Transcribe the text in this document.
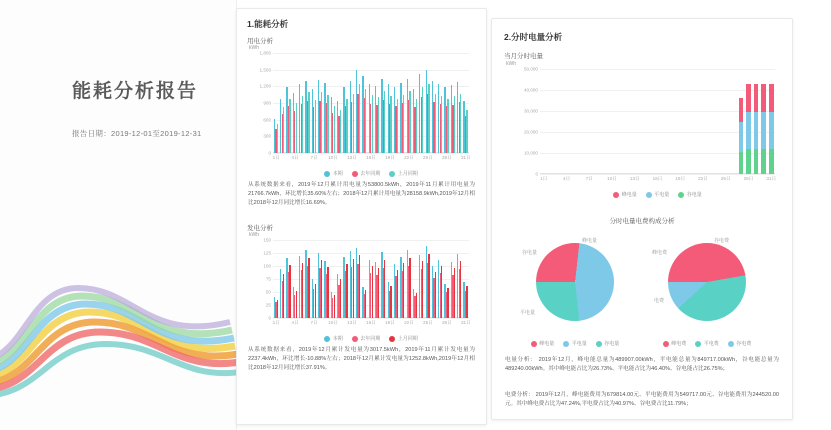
能耗分析报告
报告日期：2019-12-01至2019-12-31
1.能耗分析
用电分析
kWh
0
300
600
900
1,200
1,500
1,800
1日	4日	7日 10日 13日 16日 19日 22日 25日 28日 31日
本期	去年同期	上月同期
从系统数据来看，2019年12月累计用电量为53800.5kWh，2019年11月累计用电量为21766.7kWh，环比增长35.60%左右；2018年12月累计用电量为28158.9kWh,2019年12月相比2018年12月同比增长16.69%。
发电分析
kWh
0
25
50
75
100
125
150
1日	4日	7日 10日 13日 16日 19日 22日 25日 28日 31日
本期	去年同期	上月同期
从系统数据来看，2019年12月累计发电量为3017.5kWh，2019年11月累计发电量为2237.4kWh，环比增长-10.88%左右；2018年12月累计发电量为1252.8kWh,2019年12月相比2018年12月同比增长37.91%。
2.分时电量分析
当月分时电量
kWh
0
10,000
20,000
30,000
40,000
50,000
1日	4日	7日	10日	13日	16日	19日	22日	25日	28日	31日
峰电量	平电量	谷电量
分时电量电费构成分析
峰电量
谷电量
平电量
谷电费
峰电费
电费
峰电量	平电量	谷电量	峰电费	平电费	谷电费
电量分析： 2019年12月，峰电能总量为489907.00kWh，平电能总量为849717.00kWh，谷电能总量为489240.00kWh。其中峰电能占比为26.73%、平电能占比为46.40%、谷电能占比26.75%；
电费分析： 2019年12月，峰电能费用为679814.00元、平电能费用为549717.00元、谷电能费用为244520.00元。其中峰电费占比为47.24%,平电费占比为40.97%、谷电费占比11.79%；
